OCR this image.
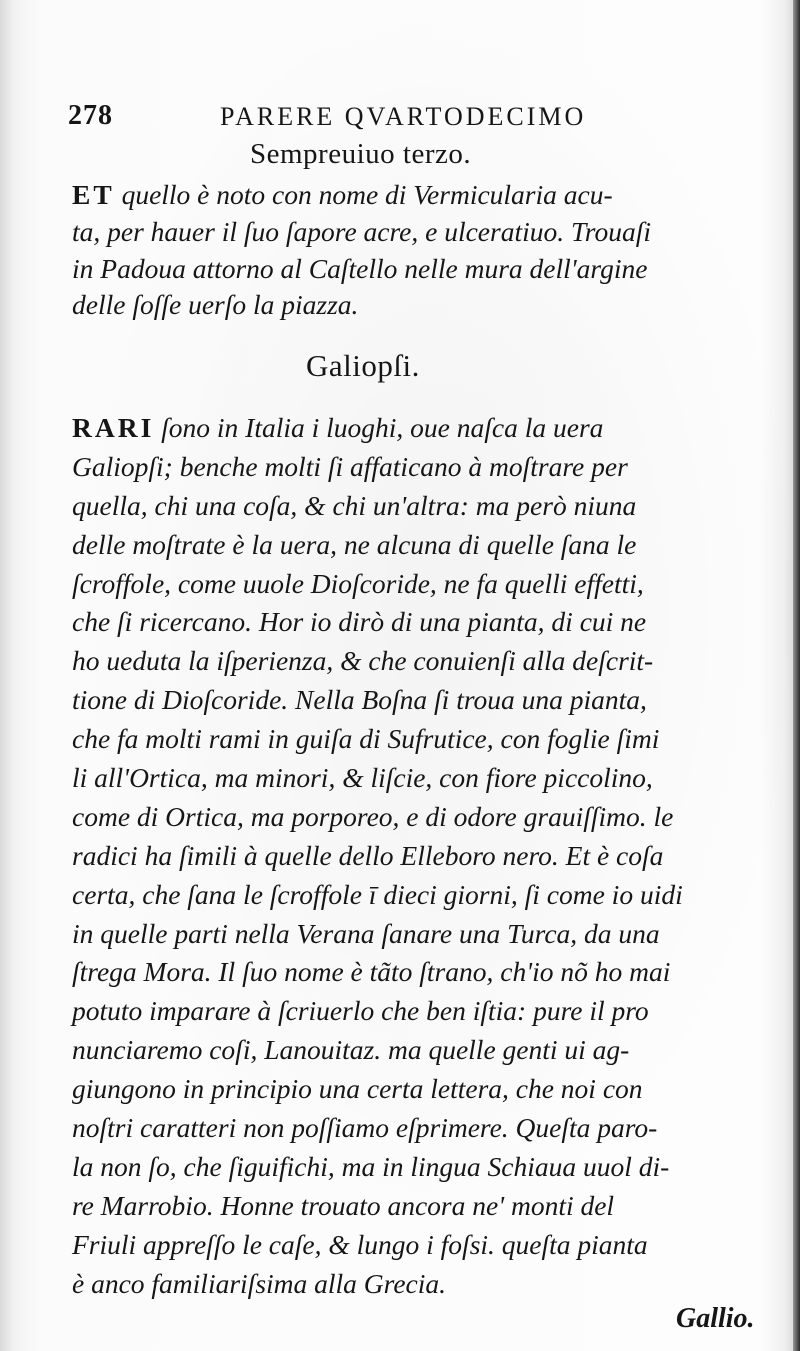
278	PARERE QVARTODECIMO
Sempreuiuo terzo.
ET quello è noto con nome di Vermicularia acu-
ta, per hauer il ſuo ſapore acre, e ulceratiuo. Trouaſi
in Padoua attorno al Caſtello nelle mura dell'argine
delle ſoſſe uerſo la piazza.
Galiopſi.
RARI ſono in Italia i luoghi, oue naſca la uera
Galiopſi; benche molti ſi affaticano à moſtrare per
quella, chi una coſa, & chi un'altra: ma però niuna
delle moſtrate è la uera, ne alcuna di quelle ſana le
ſcroffole, come uuole Dioſcoride, ne fa quelli effetti,
che ſi ricercano. Hor io dirò di una pianta, di cui ne
ho ueduta la iſperienza, & che conuienſi alla deſcrit-
tione di Dioſcoride. Nella Boſna ſi troua una pianta,
che fa molti rami in guiſa di Sufrutice, con foglie ſimi
li all'Ortica, ma minori, & liſcie, con fiore piccolino,
come di Ortica, ma porporeo, e di odore grauiſſimo. le
radici ha ſimili à quelle dello Elleboro nero. Et è coſa
certa, che ſana le ſcroffole ī dieci giorni, ſi come io uidi
in quelle parti nella Verana ſanare una Turca, da una
ſtrega Mora. Il ſuo nome è tãto ſtrano, ch'io nõ ho mai
potuto imparare à ſcriuerlo che ben iſtia: pure il pro
nunciaremo coſi, Lanouitaz. ma quelle genti ui ag-
giungono in principio una certa lettera, che noi con
noſtri caratteri non poſſiamo eſprimere. Queſta paro-
la non ſo, che ſiguifichi, ma in lingua Schiaua uuol di-
re Marrobio. Honne trouato ancora ne' monti del
Friuli appreſſo le caſe, & lungo i foſsi. queſta pianta
è anco familiariſsima alla Grecia.
Gallio.
